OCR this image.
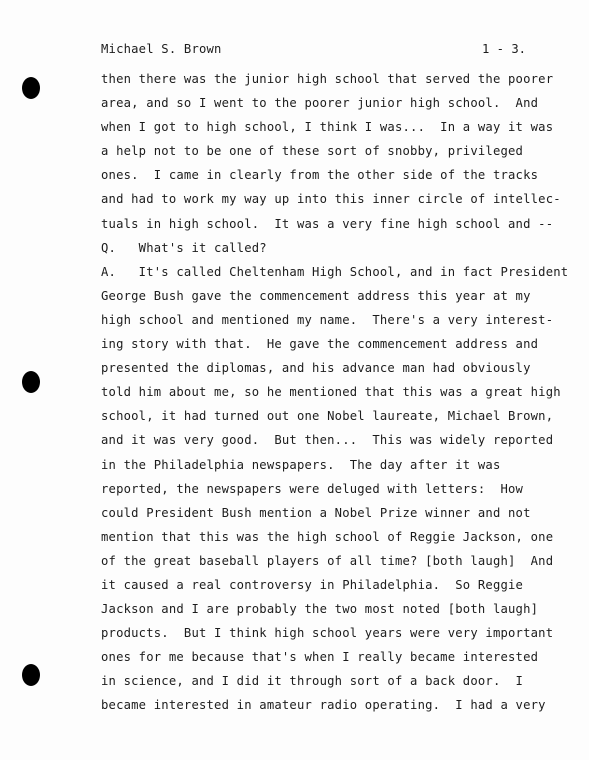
Michael S. Brown	1 - 3.
then there was the junior high school that served the poorer
area, and so I went to the poorer junior high school.  And
when I got to high school, I think I was...  In a way it was
a help not to be one of these sort of snobby, privileged
ones.  I came in clearly from the other side of the tracks
and had to work my way up into this inner circle of intellec-
tuals in high school.  It was a very fine high school and --
Q.   What's it called?
A.   It's called Cheltenham High School, and in fact President
George Bush gave the commencement address this year at my
high school and mentioned my name.  There's a very interest-
ing story with that.  He gave the commencement address and
presented the diplomas, and his advance man had obviously
told him about me, so he mentioned that this was a great high
school, it had turned out one Nobel laureate, Michael Brown,
and it was very good.  But then...  This was widely reported
in the Philadelphia newspapers.  The day after it was
reported, the newspapers were deluged with letters:  How
could President Bush mention a Nobel Prize winner and not
mention that this was the high school of Reggie Jackson, one
of the great baseball players of all time? [both laugh]  And
it caused a real controversy in Philadelphia.  So Reggie
Jackson and I are probably the two most noted [both laugh]
products.  But I think high school years were very important
ones for me because that's when I really became interested
in science, and I did it through sort of a back door.  I
became interested in amateur radio operating.  I had a very
